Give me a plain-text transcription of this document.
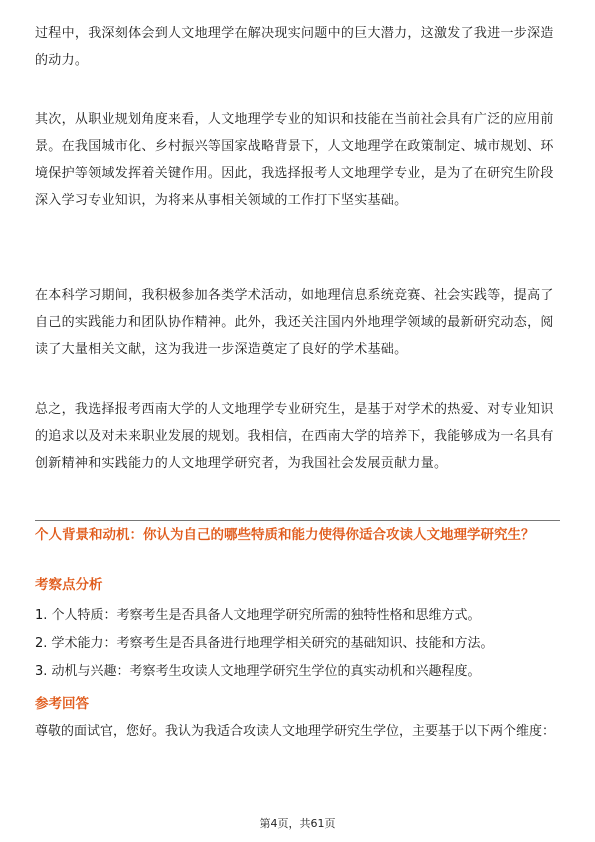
过程中，我深刻体会到人文地理学在解决现实问题中的巨大潜力，这激发了我进一步深造的动力。

其次，从职业规划角度来看，人文地理学专业的知识和技能在当前社会具有广泛的应用前景。在我国城市化、乡村振兴等国家战略背景下，人文地理学在政策制定、城市规划、环境保护等领域发挥着关键作用。因此，我选择报考人文地理学专业，是为了在研究生阶段深入学习专业知识，为将来从事相关领域的工作打下坚实基础。

在本科学习期间，我积极参加各类学术活动，如地理信息系统竞赛、社会实践等，提高了自己的实践能力和团队协作精神。此外，我还关注国内外地理学领域的最新研究动态，阅读了大量相关文献，这为我进一步深造奠定了良好的学术基础。

总之，我选择报考西南大学的人文地理学专业研究生，是基于对学术的热爱、对专业知识的追求以及对未来职业发展的规划。我相信，在西南大学的培养下，我能够成为一名具有创新精神和实践能力的人文地理学研究者，为我国社会发展贡献力量。

个人背景和动机：你认为自己的哪些特质和能力使得你适合攻读人文地理学研究生？

考察点分析

1. 个人特质：考察考生是否具备人文地理学研究所需的独特性格和思维方式。
2. 学术能力：考察考生是否具备进行地理学相关研究的基础知识、技能和方法。
3. 动机与兴趣：考察考生攻读人文地理学研究生学位的真实动机和兴趣程度。

参考回答

尊敬的面试官，您好。我认为我适合攻读人文地理学研究生学位，主要基于以下两个维度：

第4页，共61页
